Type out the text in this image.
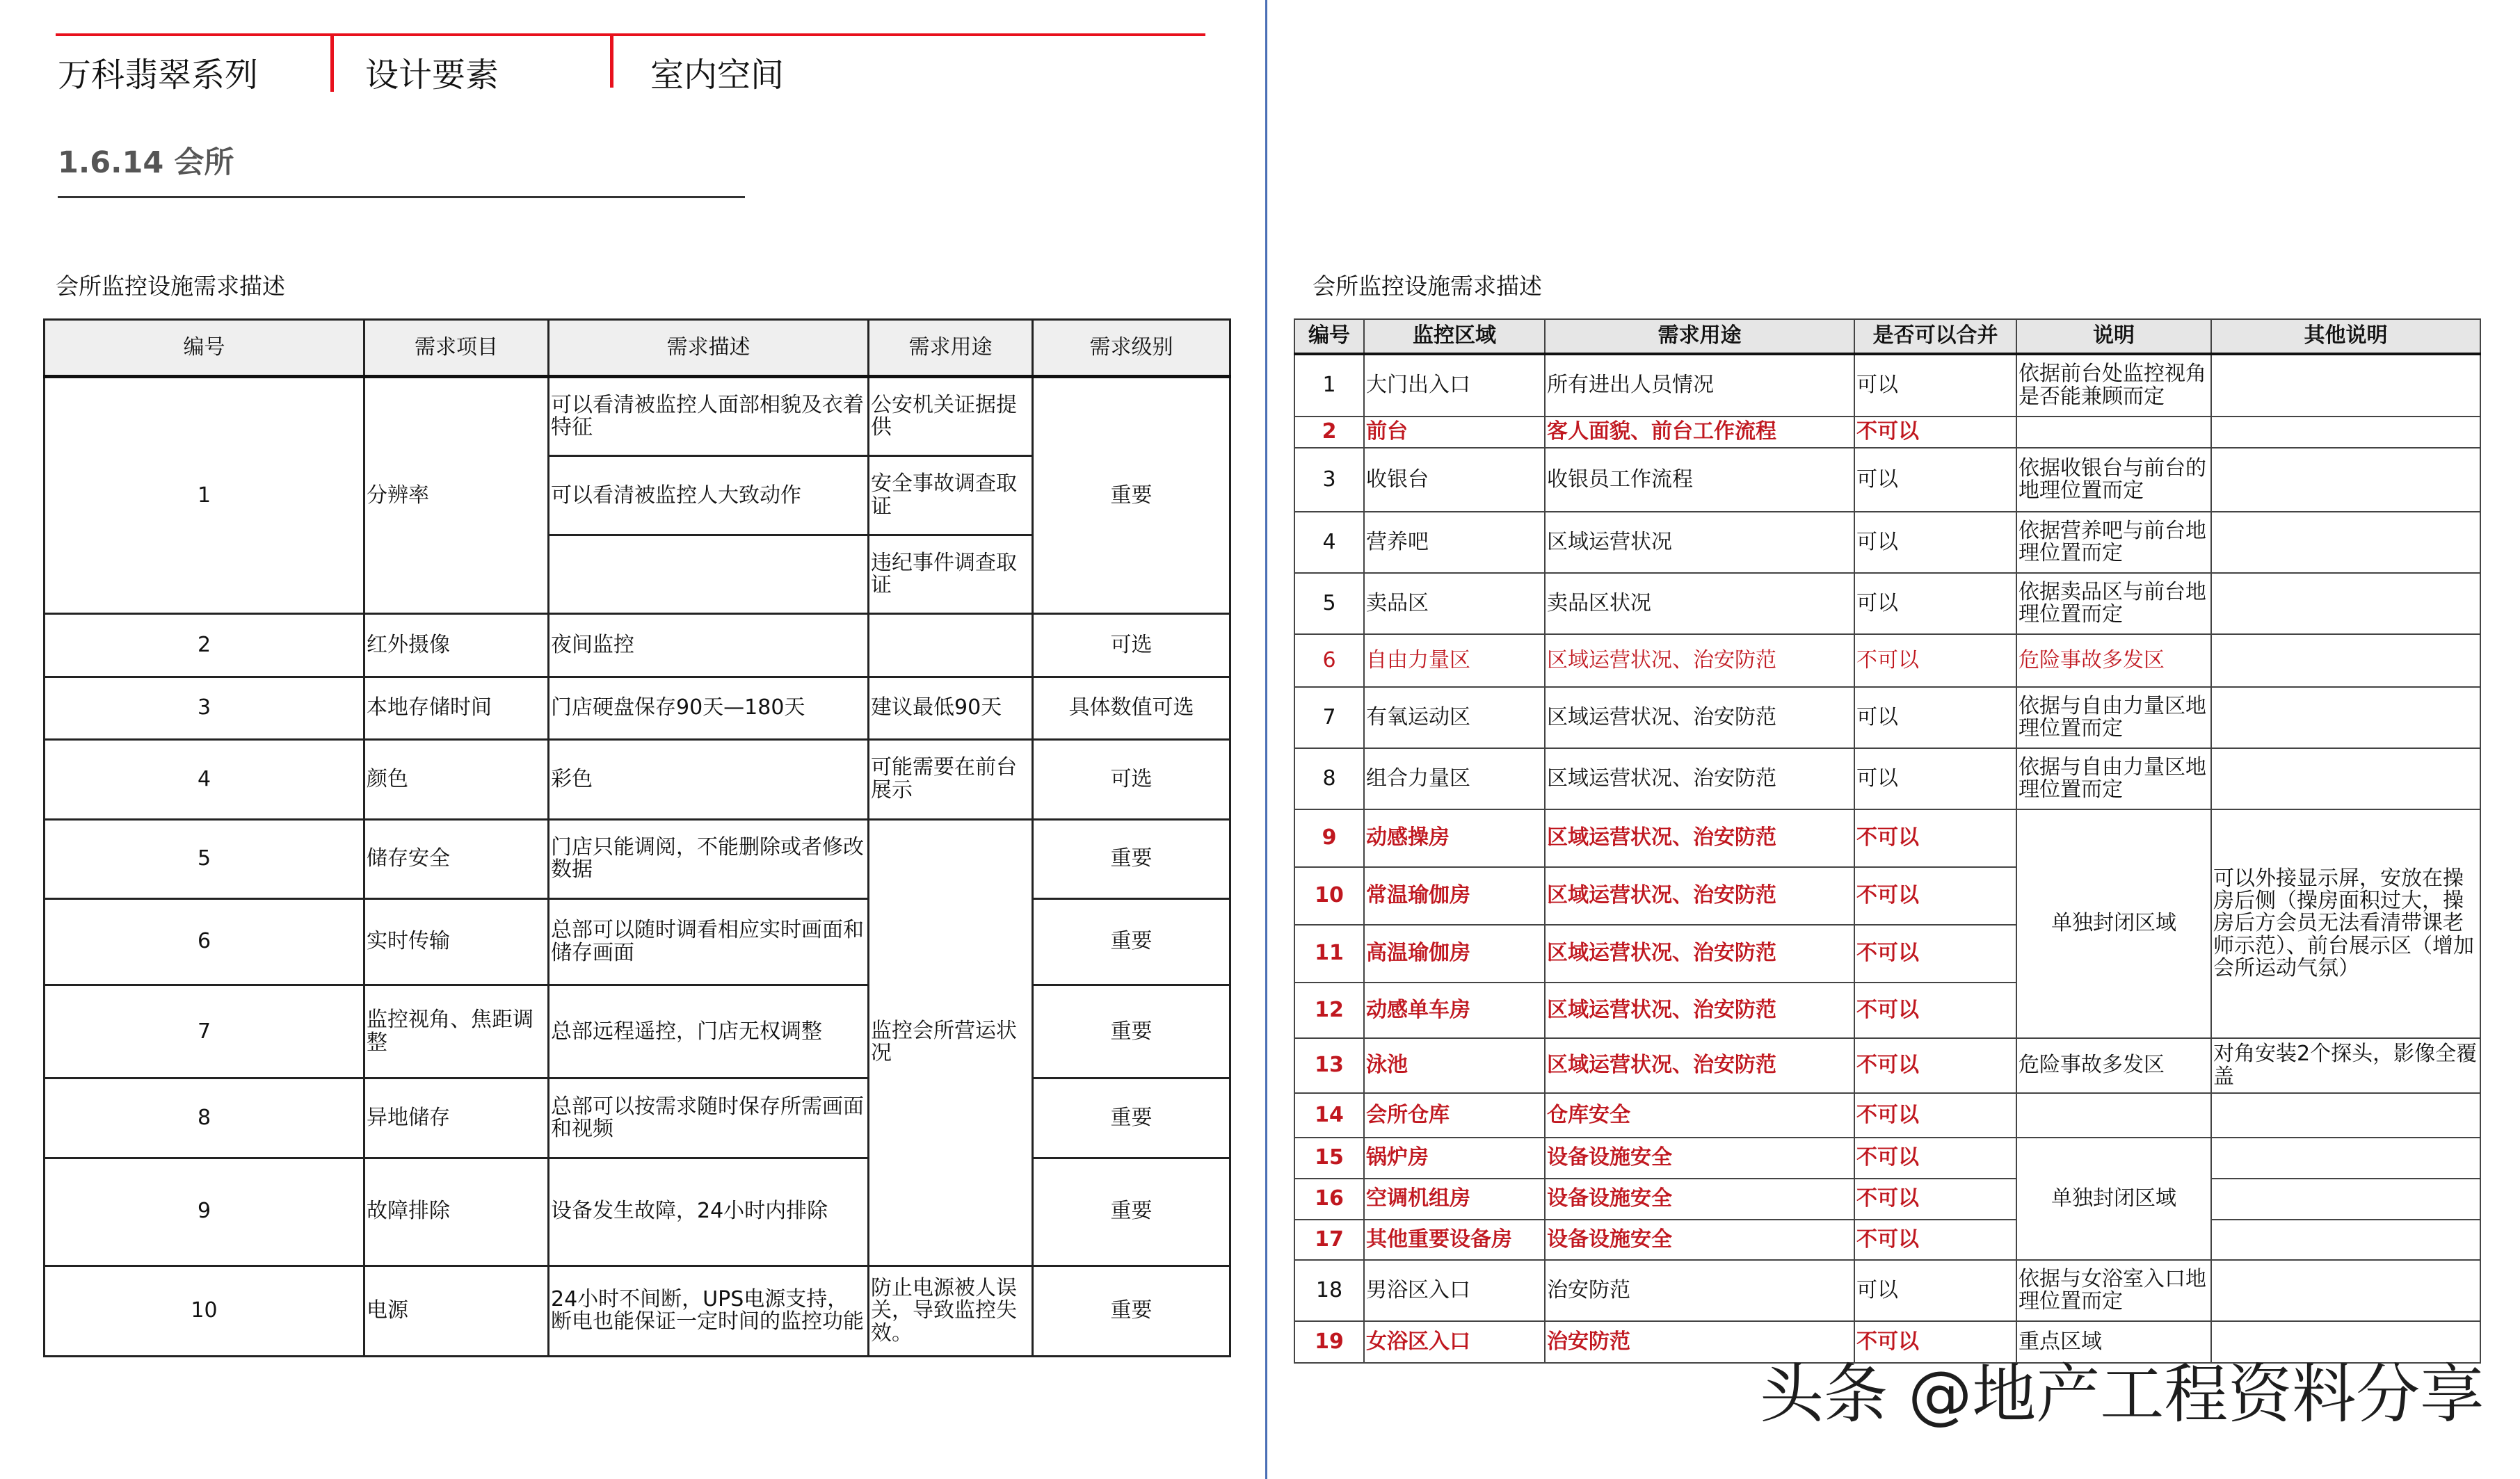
万科翡翠系列	设计要素	室内空间
1.6.14 会所
会所监控设施需求描述	会所监控设施需求描述
编号	需求项目	需求描述	需求用途	需求级别
1	分辨率	可以看清被监控人面部相貌及衣着特征	公安机关证据提供	重要
		可以看清被监控人大致动作	安全事故调查取证	
			违纪事件调查取证	
2	红外摄像	夜间监控		可选
3	本地存储时间	门店硬盘保存90天—180天	建议最低90天	具体数值可选
4	颜色	彩色	可能需要在前台展示	可选
5	储存安全	门店只能调阅，不能删除或者修改数据	监控会所营运状况	重要
6	实时传输	总部可以随时调看相应实时画面和储存画面		重要
7	监控视角、焦距调整	总部远程遥控，门店无权调整		重要
8	异地储存	总部可以按需求随时保存所需画面和视频		重要
9	故障排除	设备发生故障，24小时内排除		重要
10	电源	24小时不间断，UPS电源支持，断电也能保证一定时间的监控功能	防止电源被人误关，导致监控失效。	重要
编号	监控区域	需求用途	是否可以合并	说明	其他说明
1	大门出入口	所有进出人员情况	可以	依据前台处监控视角是否能兼顾而定	
2	前台	客人面貌、前台工作流程	不可以		
3	收银台	收银员工作流程	可以	依据收银台与前台的地理位置而定	
4	营养吧	区域运营状况	可以	依据营养吧与前台地理位置而定	
5	卖品区	卖品区状况	可以	依据卖品区与前台地理位置而定	
6	自由力量区	区域运营状况、治安防范	不可以	危险事故多发区	
7	有氧运动区	区域运营状况、治安防范	可以	依据与自由力量区地理位置而定	
8	组合力量区	区域运营状况、治安防范	可以	依据与自由力量区地理位置而定	
9	动感操房	区域运营状况、治安防范	不可以	单独封闭区域	可以外接显示屏，安放在操房后侧（操房面积过大，操房后方会员无法看清带课老师示范）、前台展示区（增加会所运动气氛）
10	常温瑜伽房	区域运营状况、治安防范	不可以		
11	高温瑜伽房	区域运营状况、治安防范	不可以		
12	动感单车房	区域运营状况、治安防范	不可以		
13	泳池	区域运营状况、治安防范	不可以	危险事故多发区	对角安装2个探头，影像全覆盖
14	会所仓库	仓库安全	不可以		
15	锅炉房	设备设施安全	不可以	单独封闭区域	
16	空调机组房	设备设施安全	不可以		
17	其他重要设备房	设备设施安全	不可以		
18	男浴区入口	治安防范	可以	依据与女浴室入口地理位置而定	
19	女浴区入口	治安防范	不可以	重点区域	
头条 @地产工程资料分享
